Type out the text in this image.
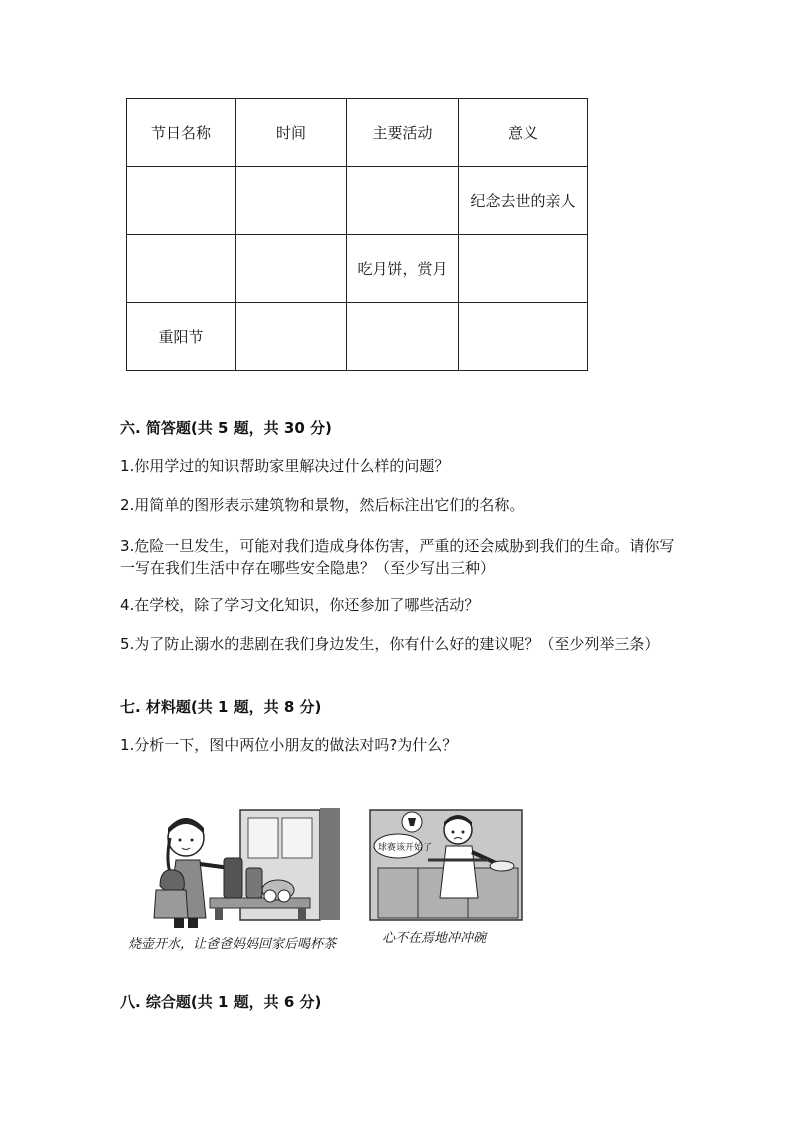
节日名称	时间	主要活动	意义
			纪念去世的亲人
		吃月饼，赏月	
重阳节			
六. 简答题(共 5 题，共 30 分)
1.你用学过的知识帮助家里解决过什么样的问题？
2.用简单的图形表示建筑物和景物，然后标注出它们的名称。
3.危险一旦发生，可能对我们造成身体伤害，严重的还会威胁到我们的生命。请你写一写在我们生活中存在哪些安全隐患？（至少写出三种）
4.在学校，除了学习文化知识，你还参加了哪些活动？
5.为了防止溺水的悲剧在我们身边发生，你有什么好的建议呢？（至少列举三条）
七. 材料题(共 1 题，共 8 分)
1.分析一下，图中两位小朋友的做法对吗?为什么？
烧壶开水，让爸爸妈妈回家后喝杯茶
球赛该开始了
心不在焉地冲冲碗
八. 综合题(共 1 题，共 6 分)
